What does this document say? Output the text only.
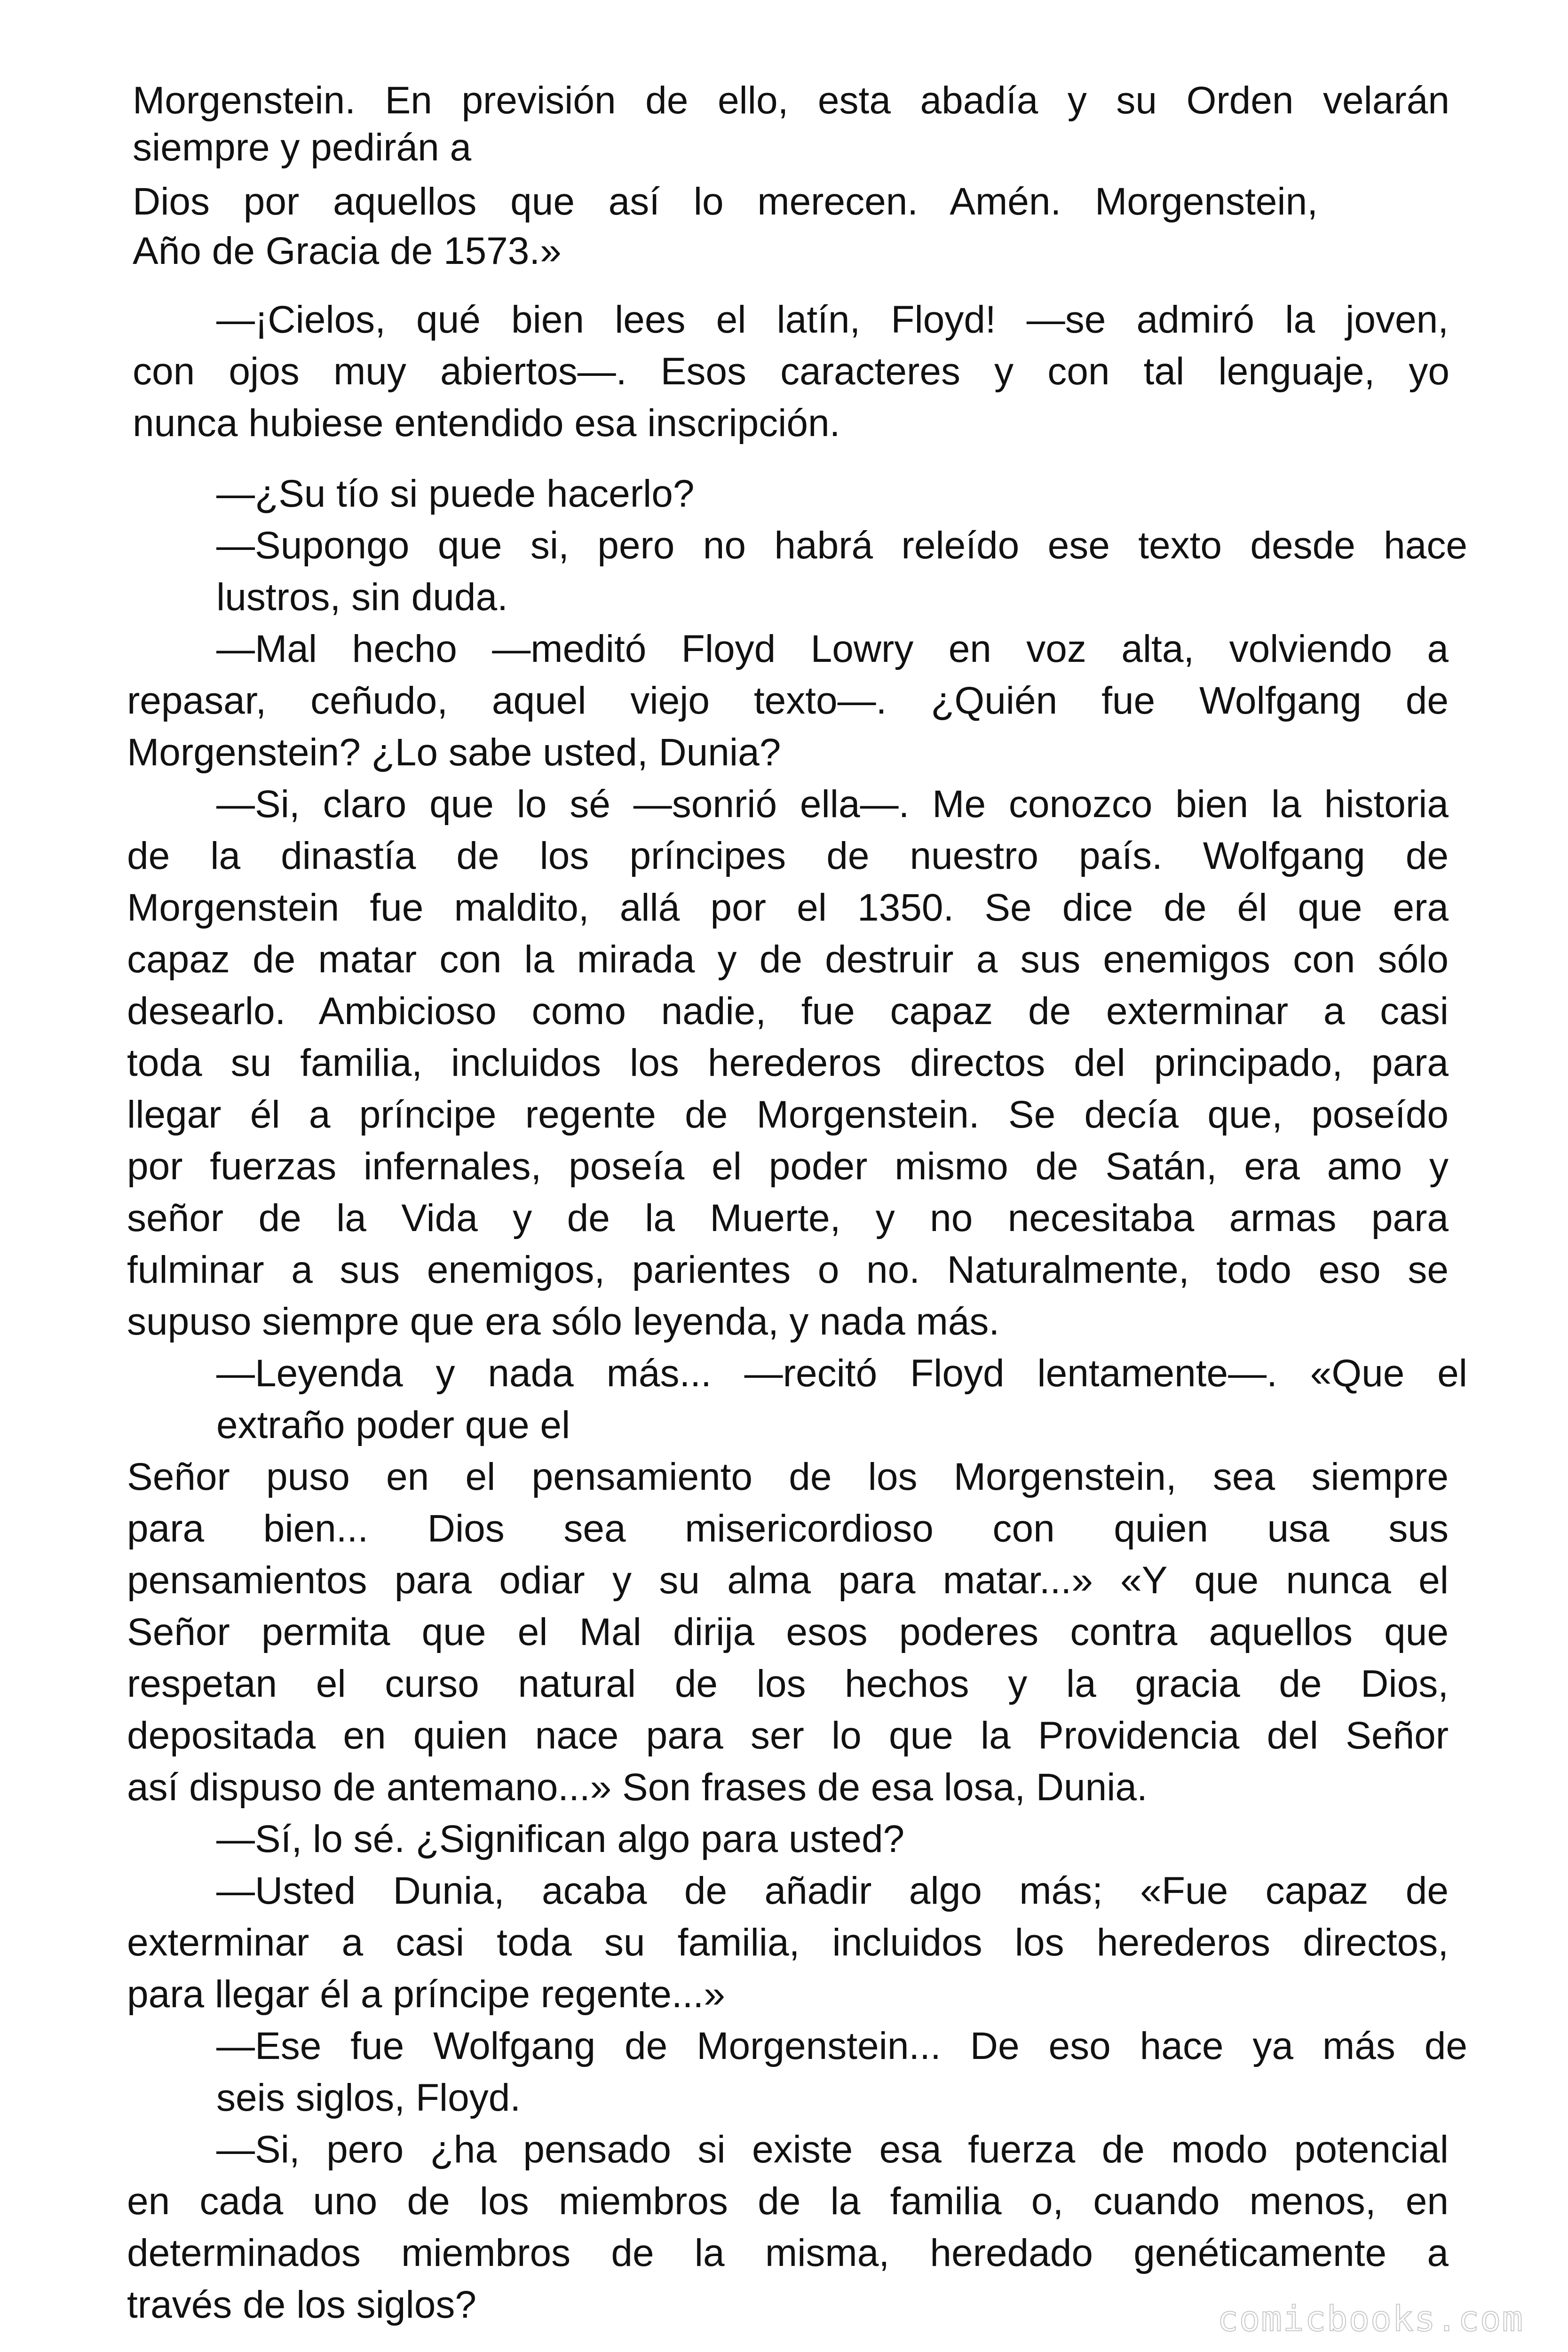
Morgenstein. En previsión de ello, esta abadía y su Orden velarán
siempre y pedirán a
Dios por aquellos que así lo merecen. Amén. Morgenstein,
Año de Gracia de 1573.»
—¡Cielos, qué bien lees el latín, Floyd! —se admiró la joven,
con ojos muy abiertos—. Esos caracteres y con tal lenguaje, yo
nunca hubiese entendido esa inscripción.
—¿Su tío si puede hacerlo?
—Supongo que si, pero no habrá releído ese texto desde hace
lustros, sin duda.
—Mal hecho —meditó Floyd Lowry en voz alta, volviendo a
repasar, ceñudo, aquel viejo texto—. ¿Quién fue Wolfgang de
Morgenstein? ¿Lo sabe usted, Dunia?
—Si, claro que lo sé —sonrió ella—. Me conozco bien la historia
de la dinastía de los príncipes de nuestro país. Wolfgang de
Morgenstein fue maldito, allá por el 1350. Se dice de él que era
capaz de matar con la mirada y de destruir a sus enemigos con sólo
desearlo. Ambicioso como nadie, fue capaz de exterminar a casi
toda su familia, incluidos los herederos directos del principado, para
llegar él a príncipe regente de Morgenstein. Se decía que, poseído
por fuerzas infernales, poseía el poder mismo de Satán, era amo y
señor de la Vida y de la Muerte, y no necesitaba armas para
fulminar a sus enemigos, parientes o no. Naturalmente, todo eso se
supuso siempre que era sólo leyenda, y nada más.
—Leyenda y nada más... —recitó Floyd lentamente—. «Que el
extraño poder que el
Señor puso en el pensamiento de los Morgenstein, sea siempre
para bien... Dios sea misericordioso con quien usa sus
pensamientos para odiar y su alma para matar...» «Y que nunca el
Señor permita que el Mal dirija esos poderes contra aquellos que
respetan el curso natural de los hechos y la gracia de Dios,
depositada en quien nace para ser lo que la Providencia del Señor
así dispuso de antemano...» Son frases de esa losa, Dunia.
—Sí, lo sé. ¿Significan algo para usted?
—Usted Dunia, acaba de añadir algo más; «Fue capaz de
exterminar a casi toda su familia, incluidos los herederos directos,
para llegar él a príncipe regente...»
—Ese fue Wolfgang de Morgenstein... De eso hace ya más de
seis siglos, Floyd.
—Si, pero ¿ha pensado si existe esa fuerza de modo potencial
en cada uno de los miembros de la familia o, cuando menos, en
determinados miembros de la misma, heredado genéticamente a
través de los siglos?	comicbooks.com
